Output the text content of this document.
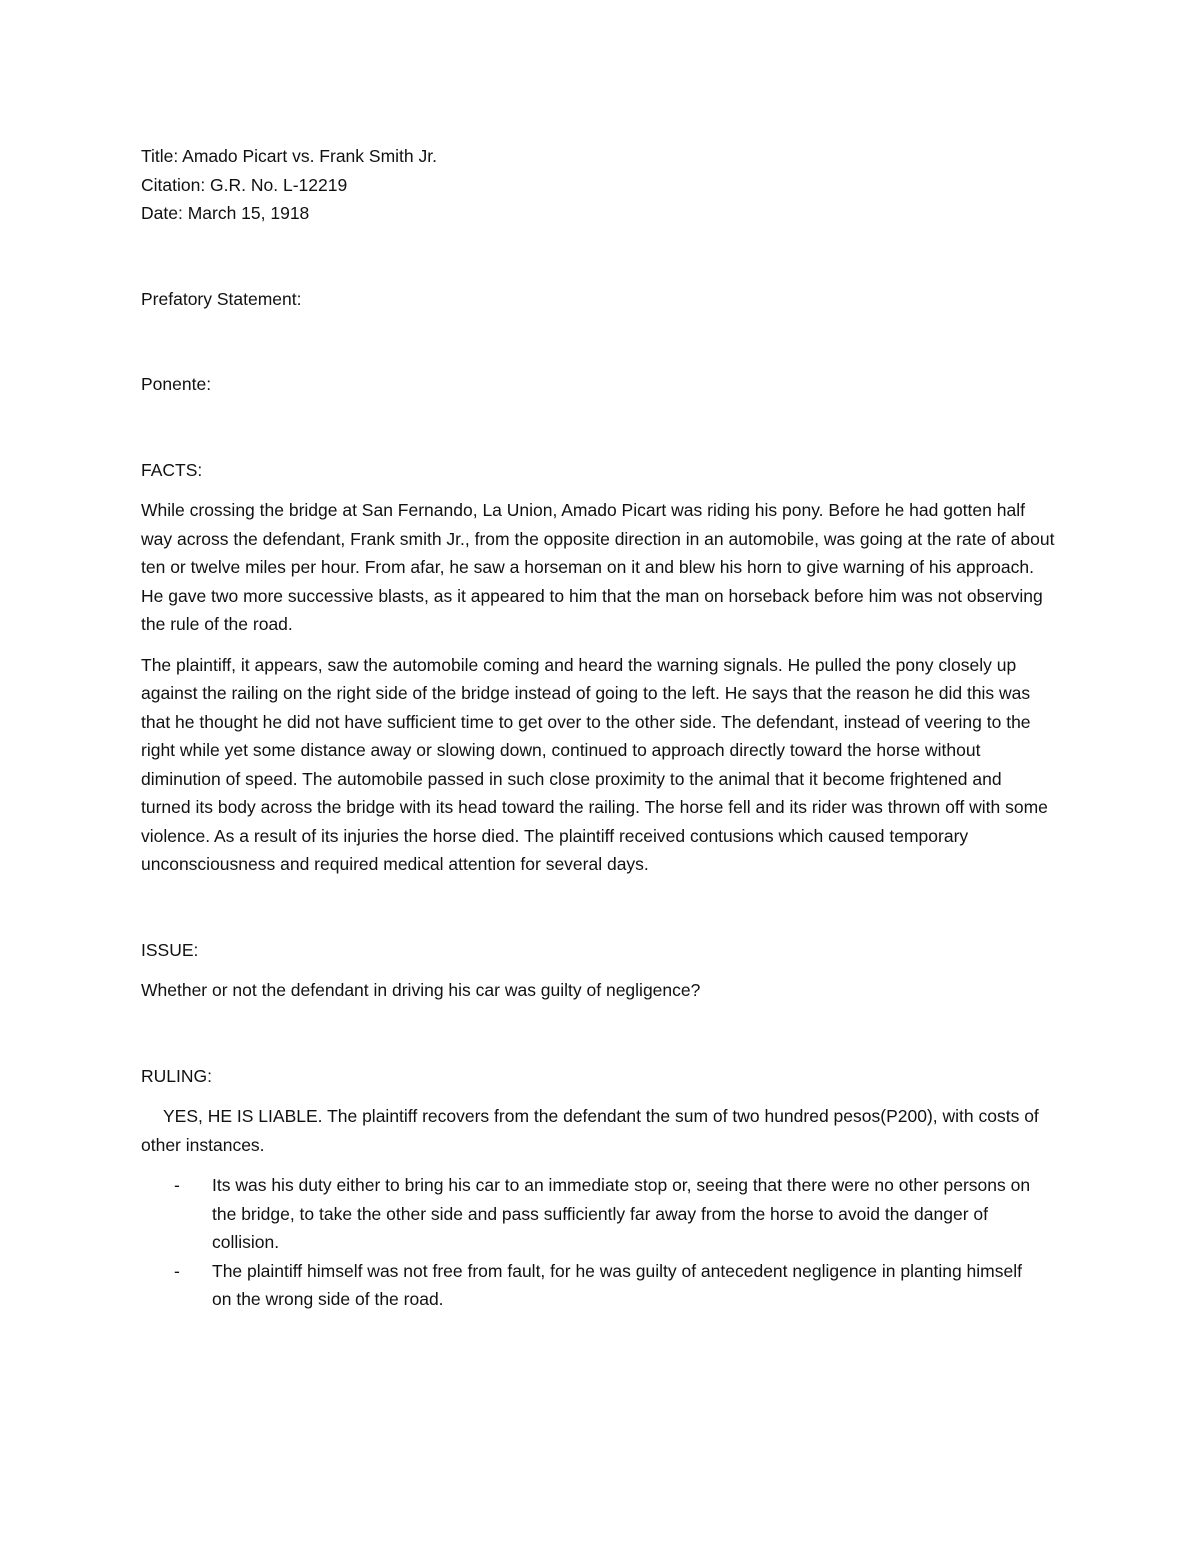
Title: Amado Picart vs. Frank Smith Jr.

Citation: G.R. No. L-12219

Date: March 15, 1918

Prefatory Statement:

Ponente:

FACTS:

While crossing the bridge at San Fernando, La Union, Amado Picart was riding his pony. Before he had gotten half way across the defendant, Frank smith Jr., from the opposite direction in an automobile, was going at the rate of about ten or twelve miles per hour. From afar, he saw a horseman on it and blew his horn to give warning of his approach. He gave two more successive blasts, as it appeared to him that the man on horseback before him was not observing the rule of the road.

The plaintiff, it appears, saw the automobile coming and heard the warning signals. He pulled the pony closely up against the railing on the right side of the bridge instead of going to the left. He says that the reason he did this was that he thought he did not have sufficient time to get over to the other side. The defendant, instead of veering to the right while yet some distance away or slowing down, continued to approach directly toward the horse without diminution of speed. The automobile passed in such close proximity to the animal that it become frightened and turned its body across the bridge with its head toward the railing. The horse fell and its rider was thrown off with some violence. As a result of its injuries the horse died. The plaintiff received contusions which caused temporary unconsciousness and required medical attention for several days.

ISSUE:

Whether or not the defendant in driving his car was guilty of negligence?

RULING:

YES, HE IS LIABLE. The plaintiff recovers from the defendant the sum of two hundred pesos(P200), with costs of other instances.

- Its was his duty either to bring his car to an immediate stop or, seeing that there were no other persons on the bridge, to take the other side and pass sufficiently far away from the horse to avoid the danger of collision.
- The plaintiff himself was not free from fault, for he was guilty of antecedent negligence in planting himself on the wrong side of the road.
